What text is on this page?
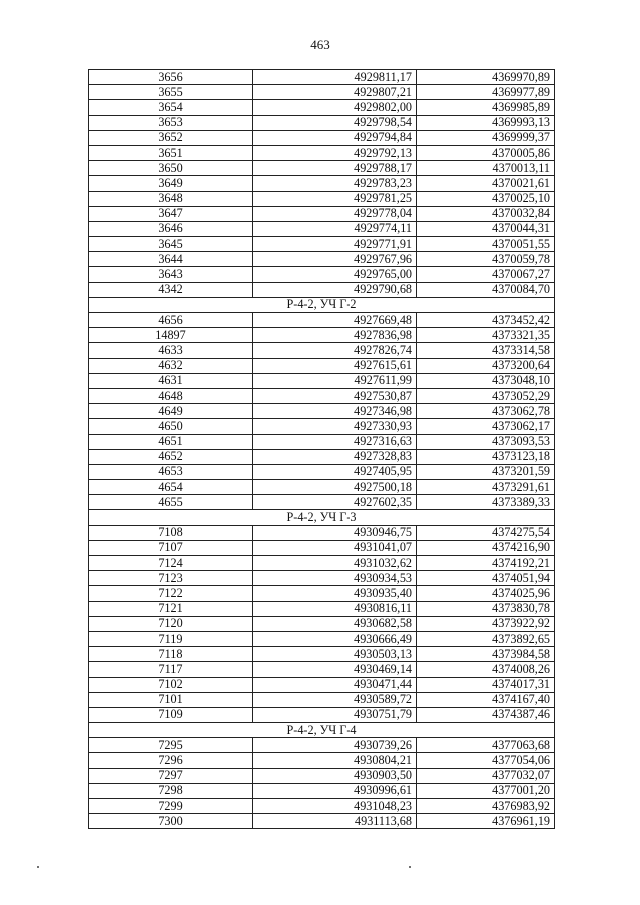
463
3656	4929811,17	4369970,89
3655	4929807,21	4369977,89
3654	4929802,00	4369985,89
3653	4929798,54	4369993,13
3652	4929794,84	4369999,37
3651	4929792,13	4370005,86
3650	4929788,17	4370013,11
3649	4929783,23	4370021,61
3648	4929781,25	4370025,10
3647	4929778,04	4370032,84
3646	4929774,11	4370044,31
3645	4929771,91	4370051,55
3644	4929767,96	4370059,78
3643	4929765,00	4370067,27
4342	4929790,68	4370084,70
Р-4-2, УЧ Г-2		
4656	4927669,48	4373452,42
14897	4927836,98	4373321,35
4633	4927826,74	4373314,58
4632	4927615,61	4373200,64
4631	4927611,99	4373048,10
4648	4927530,87	4373052,29
4649	4927346,98	4373062,78
4650	4927330,93	4373062,17
4651	4927316,63	4373093,53
4652	4927328,83	4373123,18
4653	4927405,95	4373201,59
4654	4927500,18	4373291,61
4655	4927602,35	4373389,33
Р-4-2, УЧ Г-3		
7108	4930946,75	4374275,54
7107	4931041,07	4374216,90
7124	4931032,62	4374192,21
7123	4930934,53	4374051,94
7122	4930935,40	4374025,96
7121	4930816,11	4373830,78
7120	4930682,58	4373922,92
7119	4930666,49	4373892,65
7118	4930503,13	4373984,58
7117	4930469,14	4374008,26
7102	4930471,44	4374017,31
7101	4930589,72	4374167,40
7109	4930751,79	4374387,46
Р-4-2, УЧ Г-4		
7295	4930739,26	4377063,68
7296	4930804,21	4377054,06
7297	4930903,50	4377032,07
7298	4930996,61	4377001,20
7299	4931048,23	4376983,92
7300	4931113,68	4376961,19
